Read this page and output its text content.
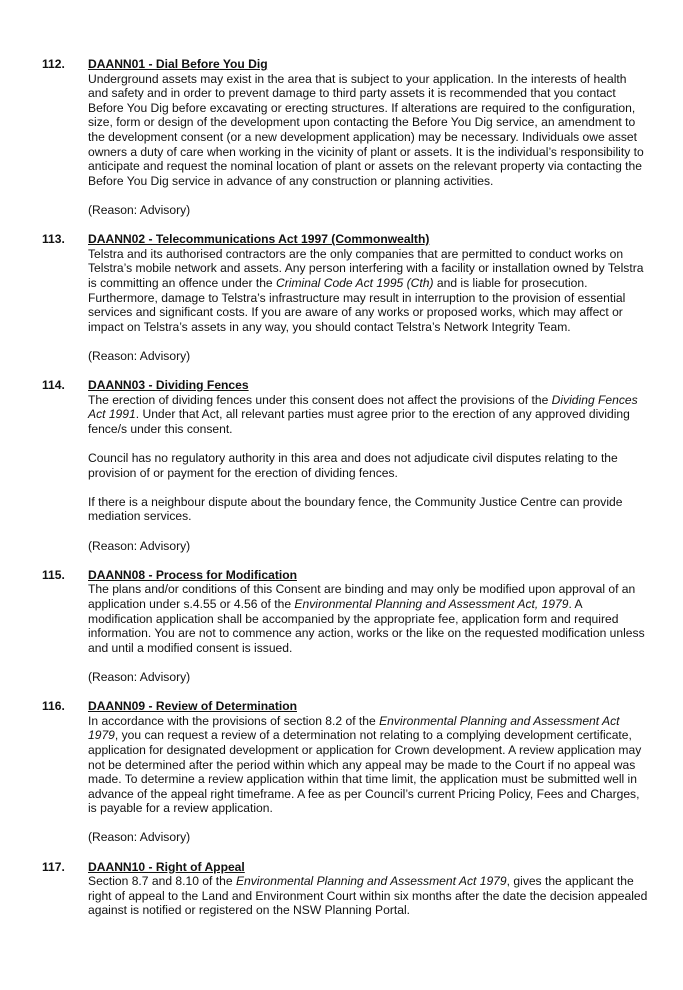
112. DAANN01 - Dial Before You Dig

Underground assets may exist in the area that is subject to your application. In the interests of health and safety and in order to prevent damage to third party assets it is recommended that you contact Before You Dig before excavating or erecting structures. If alterations are required to the configuration, size, form or design of the development upon contacting the Before You Dig service, an amendment to the development consent (or a new development application) may be necessary. Individuals owe asset owners a duty of care when working in the vicinity of plant or assets. It is the individual’s responsibility to anticipate and request the nominal location of plant or assets on the relevant property via contacting the Before You Dig service in advance of any construction or planning activities.

(Reason: Advisory)
113. DAANN02 - Telecommunications Act 1997 (Commonwealth)

Telstra and its authorised contractors are the only companies that are permitted to conduct works on Telstra’s mobile network and assets. Any person interfering with a facility or installation owned by Telstra is committing an offence under the Criminal Code Act 1995 (Cth) and is liable for prosecution. Furthermore, damage to Telstra’s infrastructure may result in interruption to the provision of essential services and significant costs. If you are aware of any works or proposed works, which may affect or impact on Telstra’s assets in any way, you should contact Telstra’s Network Integrity Team.

(Reason: Advisory)
114. DAANN03 - Dividing Fences

The erection of dividing fences under this consent does not affect the provisions of the Dividing Fences Act 1991. Under that Act, all relevant parties must agree prior to the erection of any approved dividing fence/s under this consent.

Council has no regulatory authority in this area and does not adjudicate civil disputes relating to the provision of or payment for the erection of dividing fences.

If there is a neighbour dispute about the boundary fence, the Community Justice Centre can provide mediation services.

(Reason: Advisory)
115. DAANN08 - Process for Modification

The plans and/or conditions of this Consent are binding and may only be modified upon approval of an application under s.4.55 or 4.56 of the Environmental Planning and Assessment Act, 1979. A modification application shall be accompanied by the appropriate fee, application form and required information. You are not to commence any action, works or the like on the requested modification unless and until a modified consent is issued.

(Reason: Advisory)
116. DAANN09 - Review of Determination

In accordance with the provisions of section 8.2 of the Environmental Planning and Assessment Act 1979, you can request a review of a determination not relating to a complying development certificate, application for designated development or application for Crown development. A review application may not be determined after the period within which any appeal may be made to the Court if no appeal was made. To determine a review application within that time limit, the application must be submitted well in advance of the appeal right timeframe. A fee as per Council’s current Pricing Policy, Fees and Charges, is payable for a review application.

(Reason: Advisory)
117. DAANN10 - Right of Appeal

Section 8.7 and 8.10 of the Environmental Planning and Assessment Act 1979, gives the applicant the right of appeal to the Land and Environment Court within six months after the date the decision appealed against is notified or registered on the NSW Planning Portal.
